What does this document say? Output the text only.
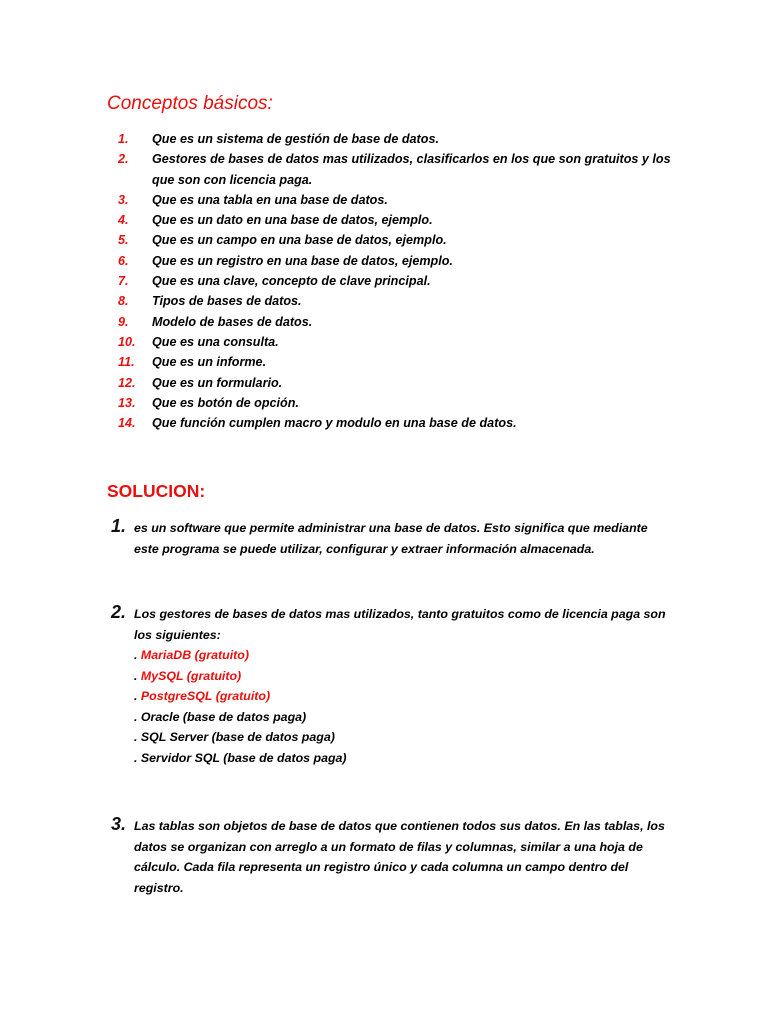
Conceptos básicos:
1.	Que es un sistema de gestión de base de datos.
2.	Gestores de bases de datos mas utilizados, clasificarlos en los que son gratuitos y los que son con licencia paga.
3.	Que es una tabla en una base de datos.
4.	Que es un dato en una base de datos, ejemplo.
5.	Que es un campo en una base de datos, ejemplo.
6.	Que es un registro en una base de datos, ejemplo.
7.	Que es una clave, concepto de clave principal.
8.	Tipos de bases de datos.
9.	Modelo de bases de datos.
10.	Que es una consulta.
11.	Que es un informe.
12.	Que es un formulario.
13.	Que es botón de opción.
14.	Que función cumplen macro y modulo en una base de datos.
SOLUCION:
1. es un software que permite administrar una base de datos. Esto significa que mediante este programa se puede utilizar, configurar y extraer información almacenada.

2. Los gestores de bases de datos mas utilizados, tanto gratuitos como de licencia paga son los siguientes:

. MariaDB (gratuito)
. MySQL (gratuito)
. PostgreSQL (gratuito)
. Oracle (base de datos paga)
. SQL Server (base de datos paga)
. Servidor SQL (base de datos paga)
3. Las tablas son objetos de base de datos que contienen todos sus datos. En las tablas, los datos se organizan con arreglo a un formato de filas y columnas, similar a una hoja de cálculo. Cada fila representa un registro único y cada columna un campo dentro del registro.
